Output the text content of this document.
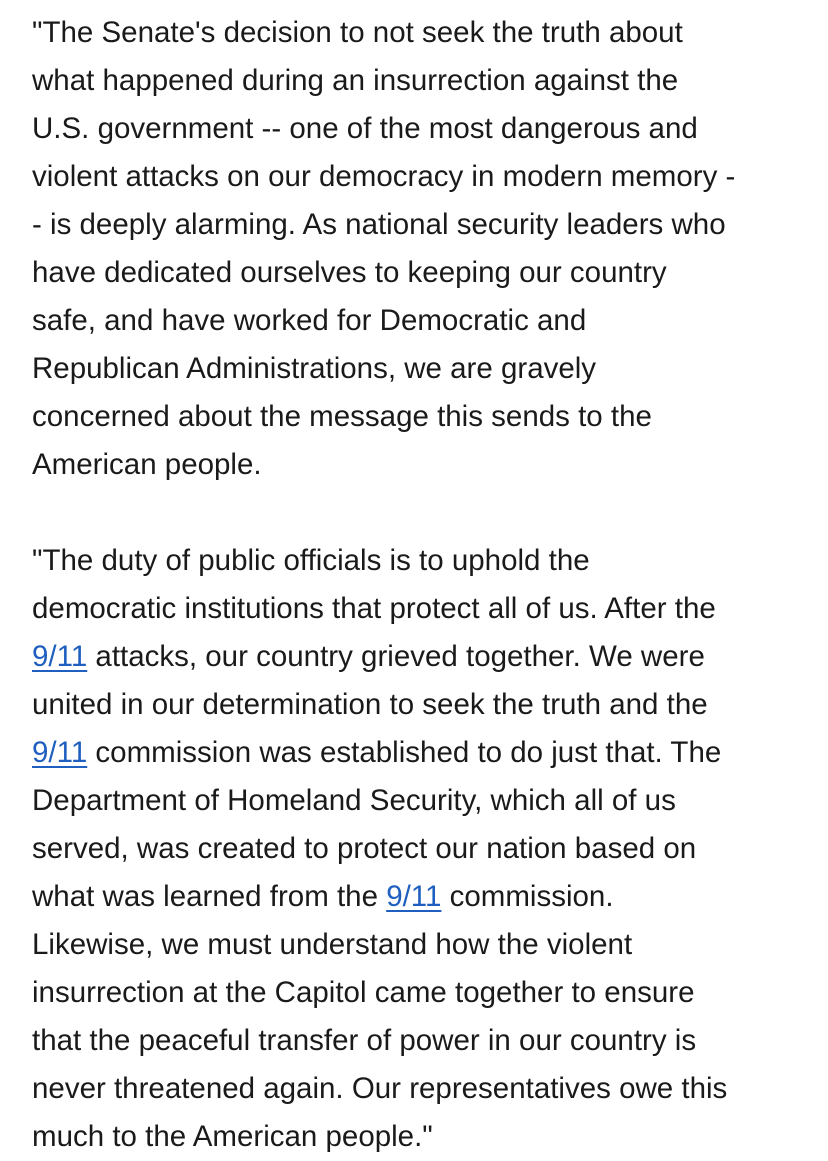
"The Senate's decision to not seek the truth about
what happened during an insurrection against the
U.S. government -- one of the most dangerous and
violent attacks on our democracy in modern memory -
- is deeply alarming. As national security leaders who
have dedicated ourselves to keeping our country
safe, and have worked for Democratic and
Republican Administrations, we are gravely
concerned about the message this sends to the
American people.

"The duty of public officials is to uphold the
democratic institutions that protect all of us. After the
9/11 attacks, our country grieved together. We were
united in our determination to seek the truth and the
9/11 commission was established to do just that. The
Department of Homeland Security, which all of us
served, was created to protect our nation based on
what was learned from the 9/11 commission.
Likewise, we must understand how the violent
insurrection at the Capitol came together to ensure
that the peaceful transfer of power in our country is
never threatened again. Our representatives owe this
much to the American people."
